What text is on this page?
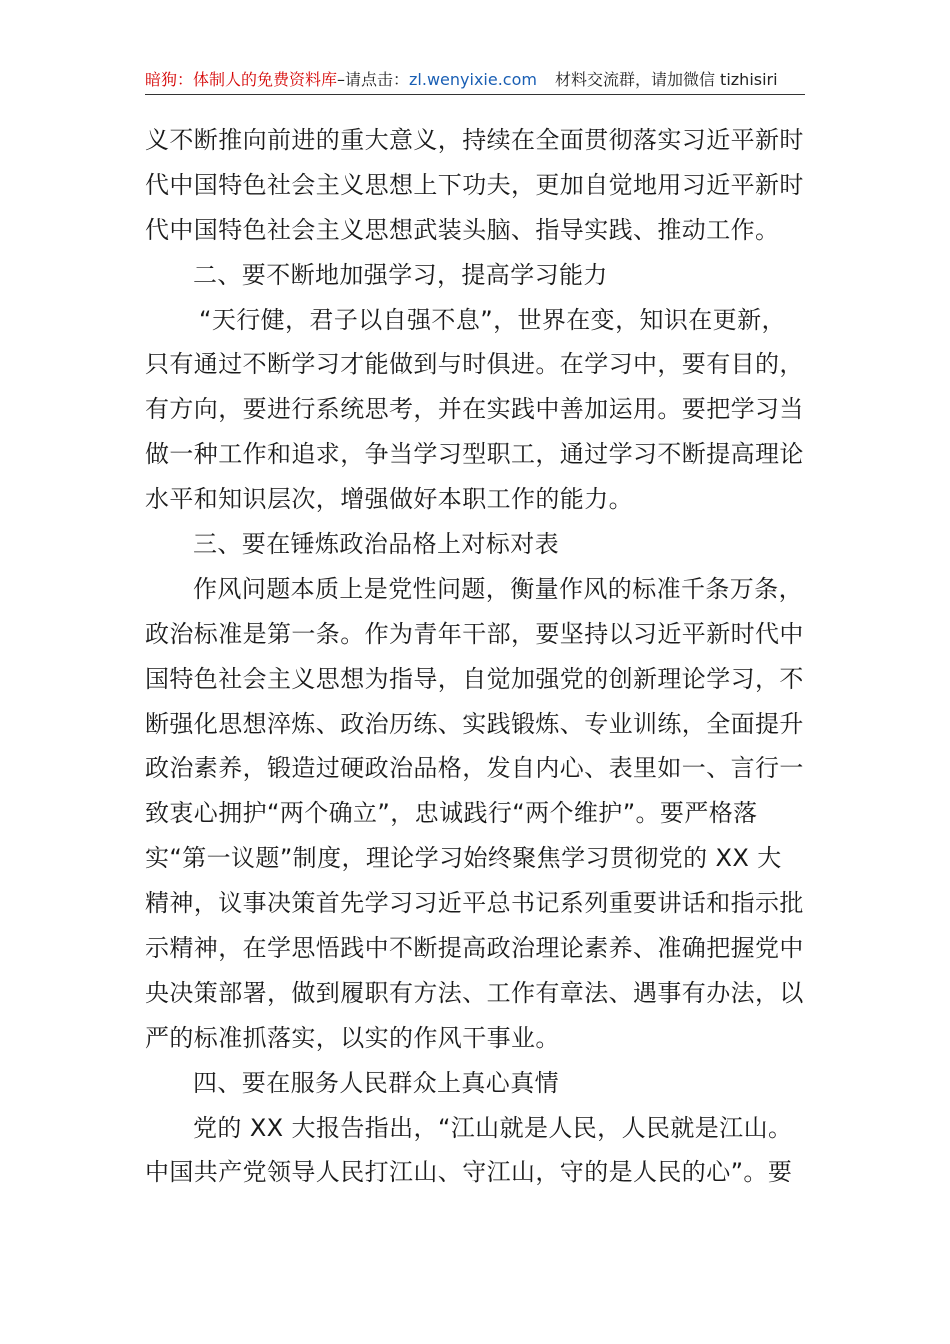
暗狗：体制人的免费资料库–请点击：zl.wenyixie.com 材料交流群，请加微信 tizhisiri
义不断推向前进的重大意义，持续在全面贯彻落实习近平新时
代中国特色社会主义思想上下功夫，更加自觉地用习近平新时
代中国特色社会主义思想武装头脑、指导实践、推动工作。
二、要不断地加强学习，提高学习能力
“天行健，君子以自强不息”，世界在变，知识在更新，
只有通过不断学习才能做到与时俱进。在学习中，要有目的，
有方向，要进行系统思考，并在实践中善加运用。要把学习当
做一种工作和追求，争当学习型职工，通过学习不断提高理论
水平和知识层次，增强做好本职工作的能力。
三、要在锤炼政治品格上对标对表
作风问题本质上是党性问题，衡量作风的标准千条万条，
政治标准是第一条。作为青年干部，要坚持以习近平新时代中
国特色社会主义思想为指导，自觉加强党的创新理论学习，不
断强化思想淬炼、政治历练、实践锻炼、专业训练，全面提升
政治素养，锻造过硬政治品格，发自内心、表里如一、言行一
致衷心拥护“两个确立”，忠诚践行“两个维护”。要严格落
实“第一议题”制度，理论学习始终聚焦学习贯彻党的 XX 大
精神，议事决策首先学习习近平总书记系列重要讲话和指示批
示精神，在学思悟践中不断提高政治理论素养、准确把握党中
央决策部署，做到履职有方法、工作有章法、遇事有办法，以
严的标准抓落实，以实的作风干事业。
四、要在服务人民群众上真心真情
党的 XX 大报告指出，“江山就是人民，人民就是江山。
中国共产党领导人民打江山、守江山，守的是人民的心”。要
